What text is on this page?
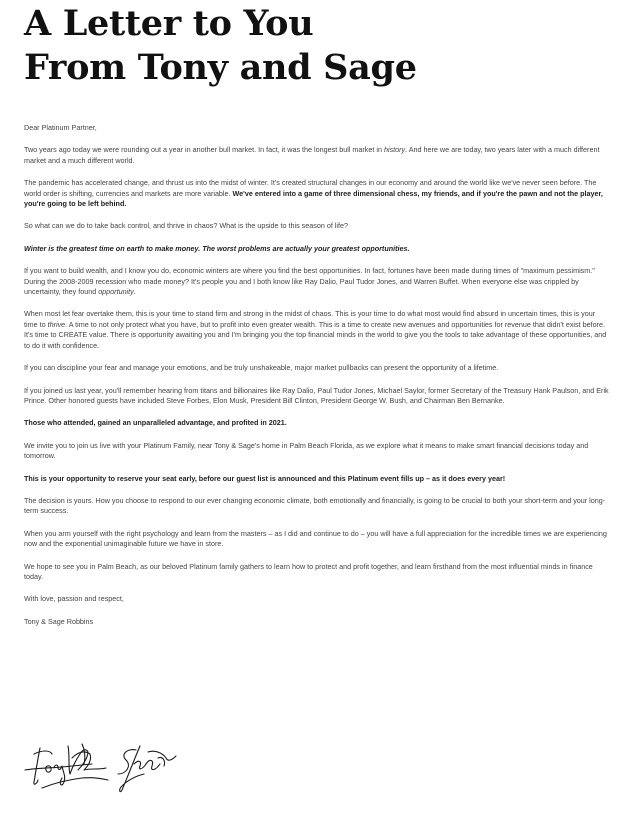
A Letter to You
From Tony and Sage

Dear Platinum Partner,

Two years ago today we were rounding out a year in another bull market. In fact, it was the longest bull market in history. And here we are today, two years later with a much different market and a much different world.

The pandemic has accelerated change, and thrust us into the midst of winter. It's created structural changes in our economy and around the world like we've never seen before. The world order is shifting, currencies and markets are more variable. We've entered into a game of three dimensional chess, my friends, and if you're the pawn and not the player, you're going to be left behind.

So what can we do to take back control, and thrive in chaos? What is the upside to this season of life?

Winter is the greatest time on earth to make money. The worst problems are actually your greatest opportunities.

If you want to build wealth, and I know you do, economic winters are where you find the best opportunities. In fact, fortunes have been made during times of "maximum pessimism." During the 2008-2009 recession who made money? It's people you and I both know like Ray Dalio, Paul Tudor Jones, and Warren Buffet. When everyone else was crippled by uncertainty, they found opportunity.

When most let fear overtake them, this is your time to stand firm and strong in the midst of chaos. This is your time to do what most would find absurd in uncertain times, this is your time to thrive. A time to not only protect what you have, but to profit into even greater wealth. This is a time to create new avenues and opportunities for revenue that didn't exist before. It's time to CREATE value. There is opportunity awaiting you and I'm bringing you the top financial minds in the world to give you the tools to take advantage of these opportunities, and to do it with confidence.

If you can discipline your fear and manage your emotions, and be truly unshakeable, major market pullbacks can present the opportunity of a lifetime.

If you joined us last year, you'll remember hearing from titans and billionaires like Ray Dalio, Paul Tudor Jones, Michael Saylor, former Secretary of the Treasury Hank Paulson, and Erik Prince. Other honored guests have included Steve Forbes, Elon Musk, President Bill Clinton, President George W. Bush, and Chairman Ben Bernanke.

Those who attended, gained an unparalleled advantage, and profited in 2021.

We invite you to join us live with your Platinum Family, near Tony & Sage's home in Palm Beach Florida, as we explore what it means to make smart financial decisions today and tomorrow.

This is your opportunity to reserve your seat early, before our guest list is announced and this Platinum event fills up – as it does every year!

The decision is yours. How you choose to respond to our ever changing economic climate, both emotionally and financially, is going to be crucial to both your short-term and your long-term success.

When you arm yourself with the right psychology and learn from the masters – as I did and continue to do – you will have a full appreciation for the incredible times we are experiencing now and the exponential unimaginable future we have in store.

We hope to see you in Palm Beach, as our beloved Platinum family gathers to learn how to protect and profit together, and learn firsthand from the most influential minds in finance today.

With love, passion and respect,

Tony & Sage Robbins
